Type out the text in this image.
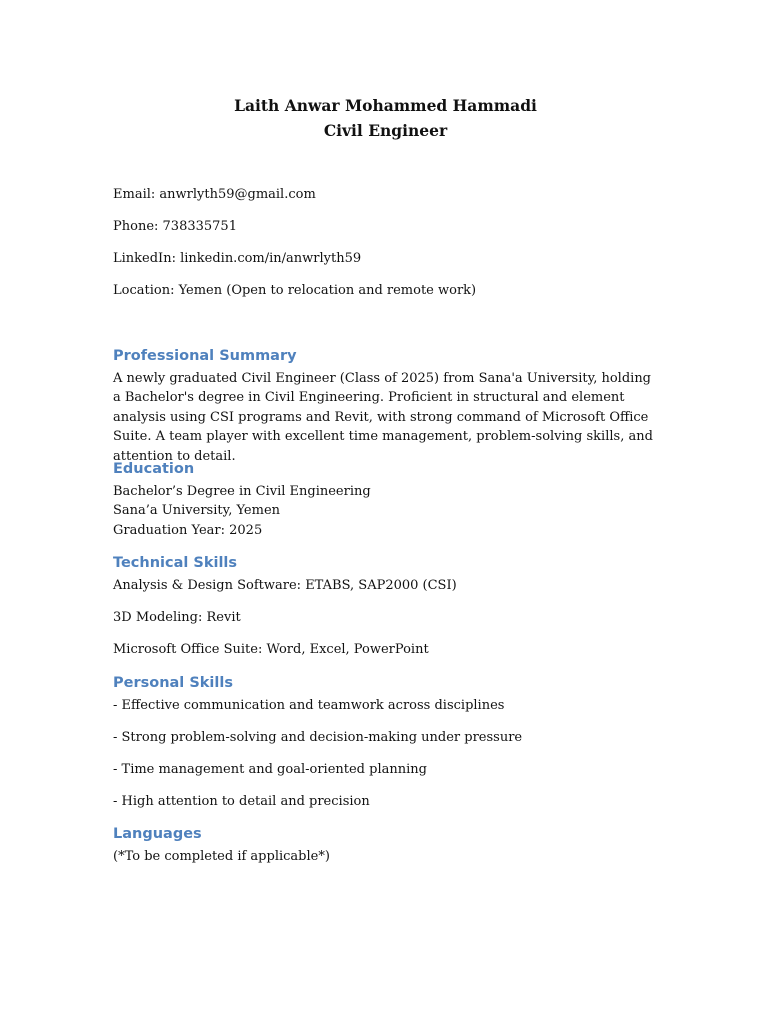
Laith Anwar Mohammed Hammadi
Civil Engineer

Email: anwrlyth59@gmail.com

Phone: 738335751

LinkedIn: linkedin.com/in/anwrlyth59

Location: Yemen (Open to relocation and remote work)

Professional Summary
A newly graduated Civil Engineer (Class of 2025) from Sana'a University, holding a Bachelor's degree in Civil Engineering. Proficient in structural and element analysis using CSI programs and Revit, with strong command of Microsoft Office Suite. A team player with excellent time management, problem-solving skills, and attention to detail.
Education

Bachelor’s Degree in Civil Engineering

Sana’a University, Yemen

Graduation Year: 2025

Technical Skills

Analysis & Design Software: ETABS, SAP2000 (CSI)

3D Modeling: Revit

Microsoft Office Suite: Word, Excel, PowerPoint

Personal Skills

- Effective communication and teamwork across disciplines

- Strong problem-solving and decision-making under pressure

- Time management and goal-oriented planning

- High attention to detail and precision

Languages

(*To be completed if applicable*)
